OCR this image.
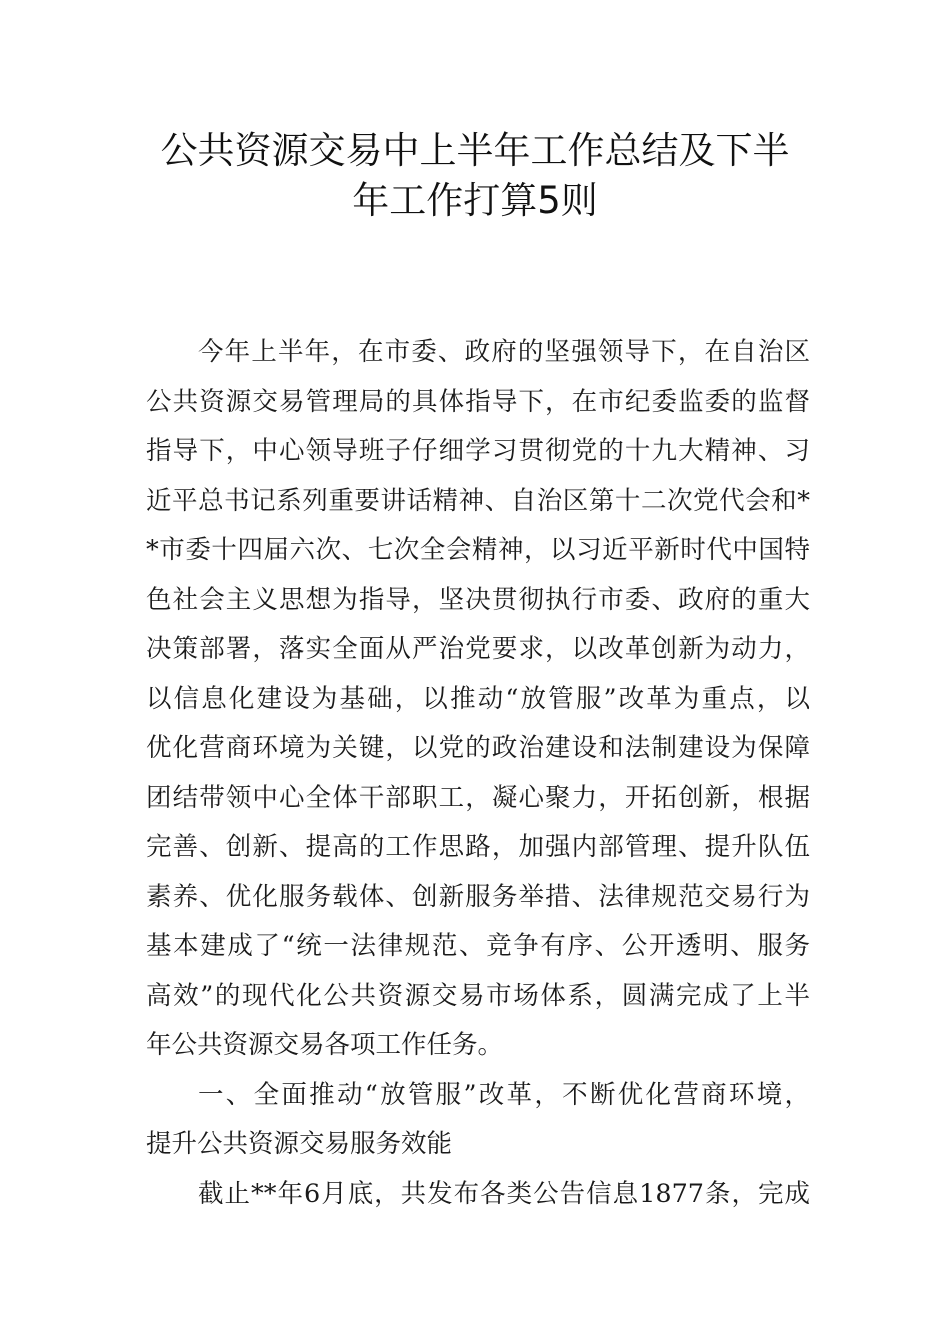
公共资源交易中上半年工作总结及下半
年工作打算5则
今年上半年，在市委、政府的坚强领导下，在自治区
公共资源交易管理局的具体指导下，在市纪委监委的监督
指导下，中心领导班子仔细学习贯彻党的十九大精神、习
近平总书记系列重要讲话精神、自治区第十二次党代会和*
*市委十四届六次、七次全会精神，以习近平新时代中国特
色社会主义思想为指导，坚决贯彻执行市委、政府的重大
决策部署，落实全面从严治党要求，以改革创新为动力，
以信息化建设为基础，以推动“放管服”改革为重点，以
优化营商环境为关键，以党的政治建设和法制建设为保障
团结带领中心全体干部职工，凝心聚力，开拓创新，根据
完善、创新、提高的工作思路，加强内部管理、提升队伍
素养、优化服务载体、创新服务举措、法律规范交易行为
基本建成了“统一法律规范、竞争有序、公开透明、服务
高效”的现代化公共资源交易市场体系，圆满完成了上半
年公共资源交易各项工作任务。
一、全面推动“放管服”改革，不断优化营商环境，
提升公共资源交易服务效能
截止**年6月底，共发布各类公告信息1877条，完成
